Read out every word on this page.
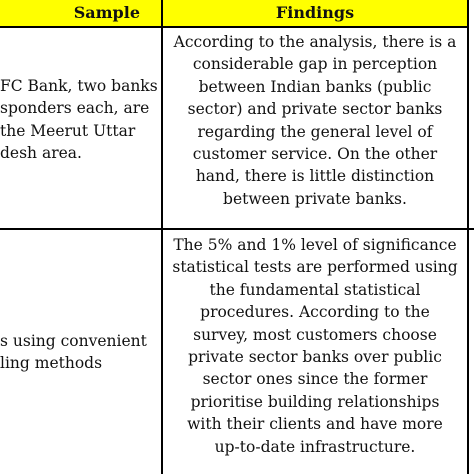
Sample	Findings
FC Bank, two banks
sponders each, are
the Meerut Uttar
desh area.
According to the analysis, there is a
considerable gap in perception
between Indian banks (public
sector) and private sector banks
regarding the general level of
customer service. On the other
hand, there is little distinction
between private banks.
s using convenient
ling methods
The 5% and 1% level of significance
statistical tests are performed using
the fundamental statistical
procedures. According to the
survey, most customers choose
private sector banks over public
sector ones since the former
prioritise building relationships
with their clients and have more
up-to-date infrastructure.
